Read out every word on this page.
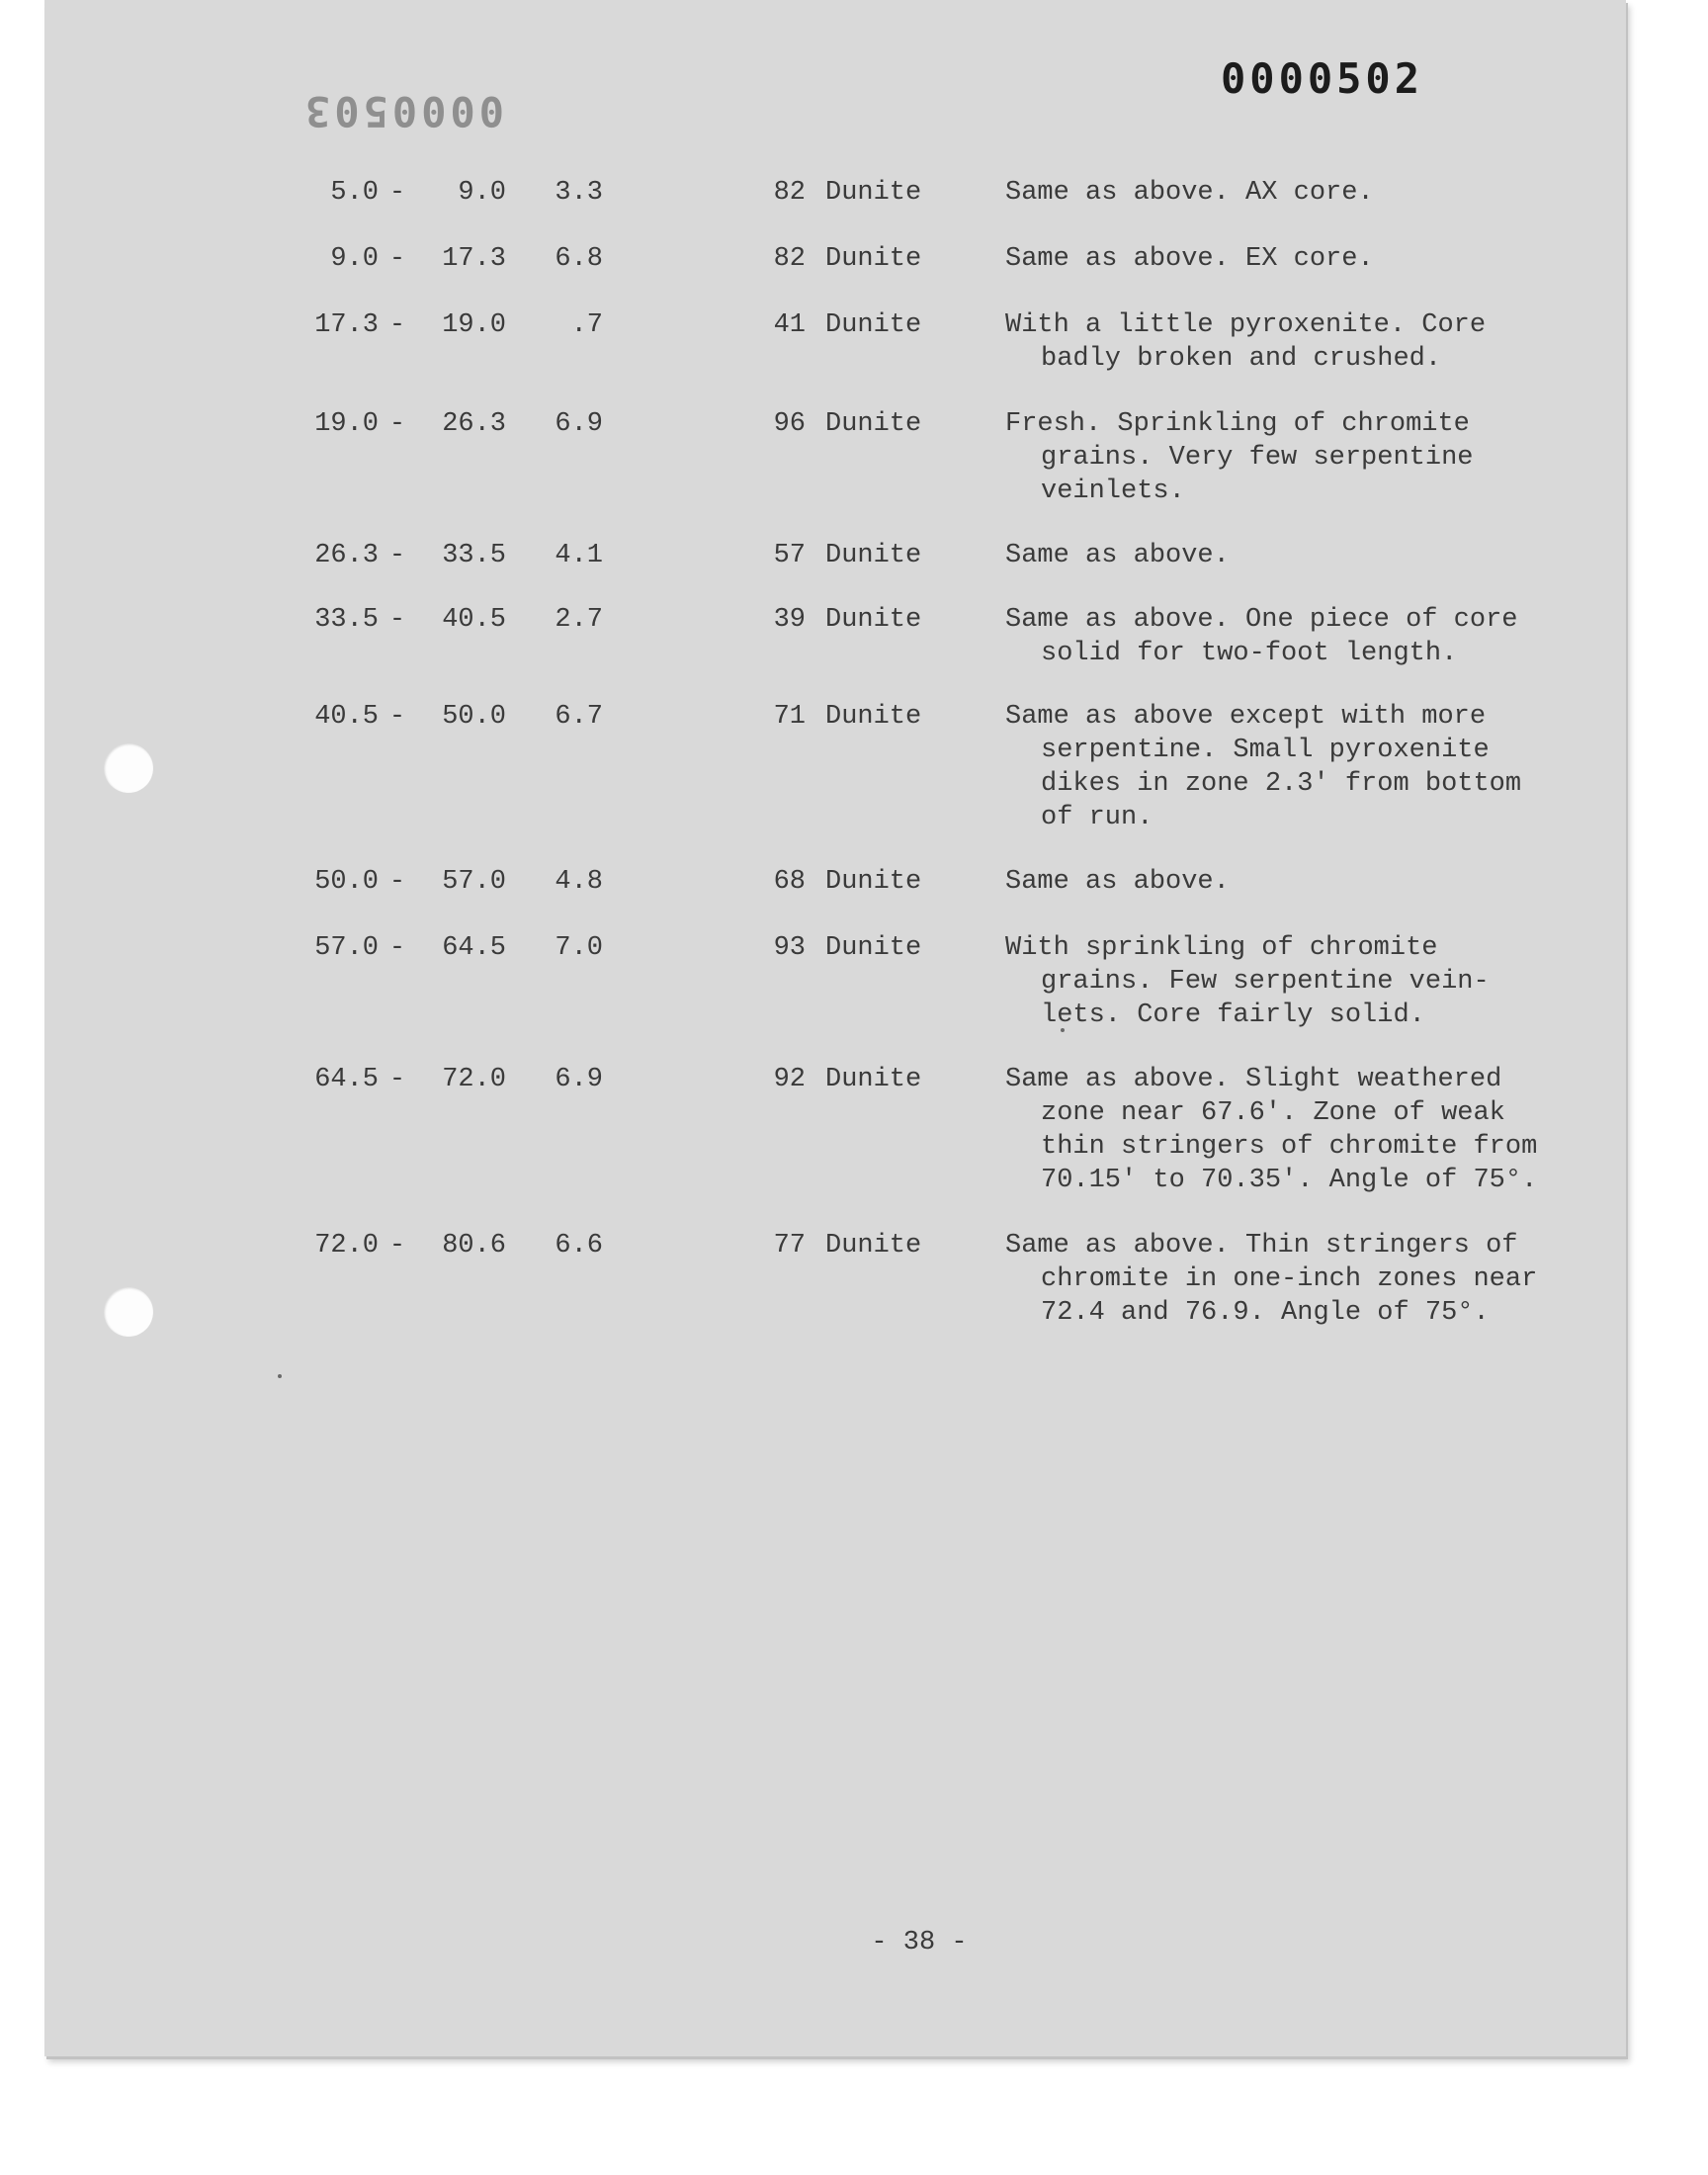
0000502
0000503
5.0 -	9.0	3.3	82 Dunite	Same as above. AX core.
9.0 -	17.3	6.8	82 Dunite	Same as above. EX core.
17.3 -	19.0	.7	41 Dunite	With a little pyroxenite. Core
badly broken and crushed.
19.0 -	26.3	6.9	96 Dunite	Fresh. Sprinkling of chromite
grains. Very few serpentine
veinlets.
26.3 -	33.5	4.1	57 Dunite	Same as above.
33.5 -	40.5	2.7	39 Dunite	Same as above. One piece of core
solid for two-foot length.
40.5 -	50.0	6.7	71 Dunite	Same as above except with more
serpentine. Small pyroxenite
dikes in zone 2.3' from bottom
of run.
50.0 -	57.0	4.8	68 Dunite	Same as above.
57.0 -	64.5	7.0	93 Dunite	With sprinkling of chromite
grains. Few serpentine vein-
lets. Core fairly solid.
64.5 -	72.0	6.9	92 Dunite	Same as above. Slight weathered
zone near 67.6'. Zone of weak
thin stringers of chromite from
70.15' to 70.35'. Angle of 75°.
72.0 -	80.6	6.6	77 Dunite	Same as above. Thin stringers of
chromite in one-inch zones near
72.4 and 76.9. Angle of 75°.
- 38 -
